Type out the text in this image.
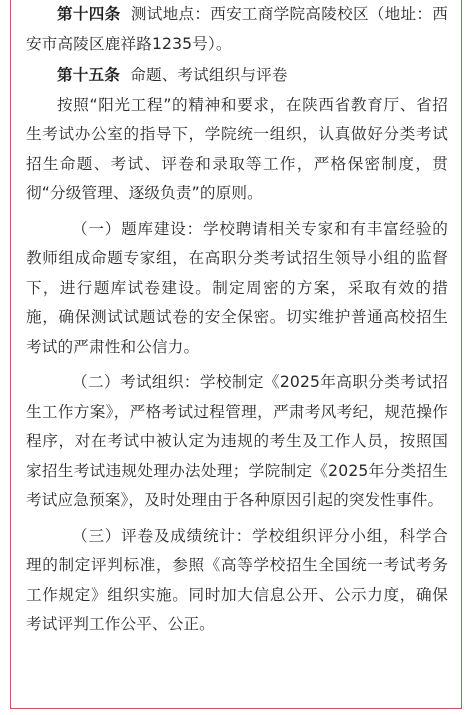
第十四条 测试地点：西安工商学院高陵校区（地址：西安市高陵区鹿祥路1235号）。

第十五条 命题、考试组织与评卷

按照“阳光工程”的精神和要求，在陕西省教育厅、省招生考试办公室的指导下，学院统一组织，认真做好分类考试招生命题、考试、评卷和录取等工作，严格保密制度，贯彻“分级管理、逐级负责”的原则。

（一）题库建设：学校聘请相关专家和有丰富经验的教师组成命题专家组，在高职分类考试招生领导小组的监督下，进行题库试卷建设。制定周密的方案，采取有效的措施，确保测试试题试卷的安全保密。切实维护普通高校招生考试的严肃性和公信力。

（二）考试组织：学校制定《2025年高职分类考试招生工作方案》，严格考试过程管理，严肃考风考纪，规范操作程序，对在考试中被认定为违规的考生及工作人员，按照国家招生考试违规处理办法处理；学院制定《2025年分类招生考试应急预案》，及时处理由于各种原因引起的突发性事件。

（三）评卷及成绩统计：学校组织评分小组，科学合理的制定评判标准，参照《高等学校招生全国统一考试考务工作规定》组织实施。同时加大信息公开、公示力度，确保考试评判工作公平、公正。
